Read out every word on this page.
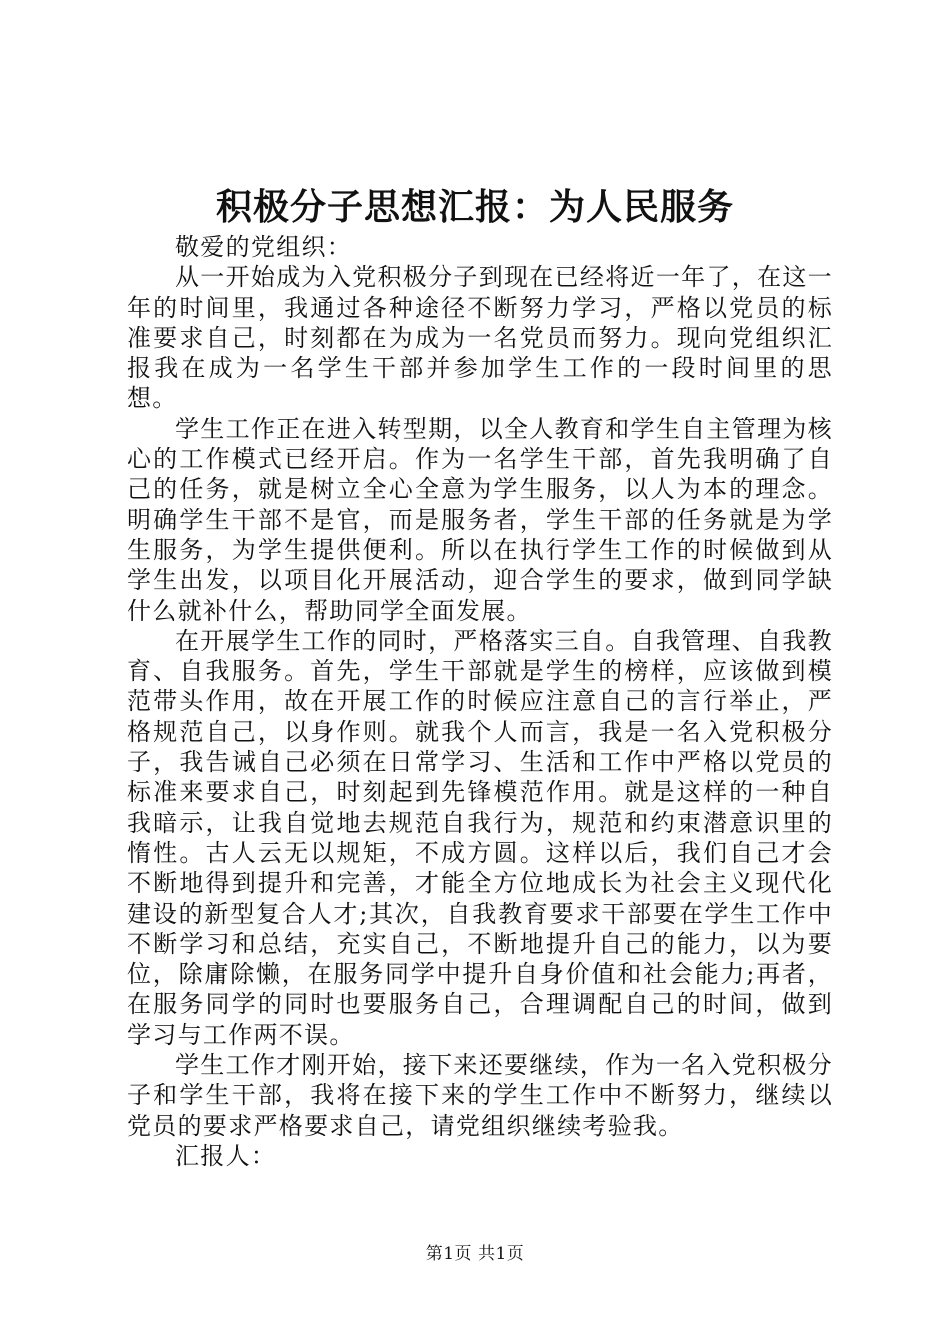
积极分子思想汇报：为人民服务

敬爱的党组织：

从一开始成为入党积极分子到现在已经将近一年了，在这一年的时间里，我通过各种途径不断努力学习，严格以党员的标准要求自己，时刻都在为成为一名党员而努力。现向党组织汇报我在成为一名学生干部并参加学生工作的一段时间里的思想。

学生工作正在进入转型期，以全人教育和学生自主管理为核心的工作模式已经开启。作为一名学生干部，首先我明确了自己的任务，就是树立全心全意为学生服务，以人为本的理念。明确学生干部不是官，而是服务者，学生干部的任务就是为学生服务，为学生提供便利。所以在执行学生工作的时候做到从学生出发，以项目化开展活动，迎合学生的要求，做到同学缺什么就补什么，帮助同学全面发展。

在开展学生工作的同时，严格落实三自。自我管理、自我教育、自我服务。首先，学生干部就是学生的榜样，应该做到模范带头作用，故在开展工作的时候应注意自己的言行举止，严格规范自己，以身作则。就我个人而言，我是一名入党积极分子，我告诫自己必须在日常学习、生活和工作中严格以党员的标准来要求自己，时刻起到先锋模范作用。就是这样的一种自我暗示，让我自觉地去规范自我行为，规范和约束潜意识里的惰性。古人云无以规矩，不成方圆。这样以后，我们自己才会不断地得到提升和完善，才能全方位地成长为社会主义现代化建设的新型复合人才;其次，自我教育要求干部要在学生工作中不断学习和总结，充实自己，不断地提升自己的能力，以为要位，除庸除懒，在服务同学中提升自身价值和社会能力;再者，在服务同学的同时也要服务自己，合理调配自己的时间，做到学习与工作两不误。

学生工作才刚开始，接下来还要继续，作为一名入党积极分子和学生干部，我将在接下来的学生工作中不断努力，继续以党员的要求严格要求自己，请党组织继续考验我。

汇报人：

第1页 共1页
